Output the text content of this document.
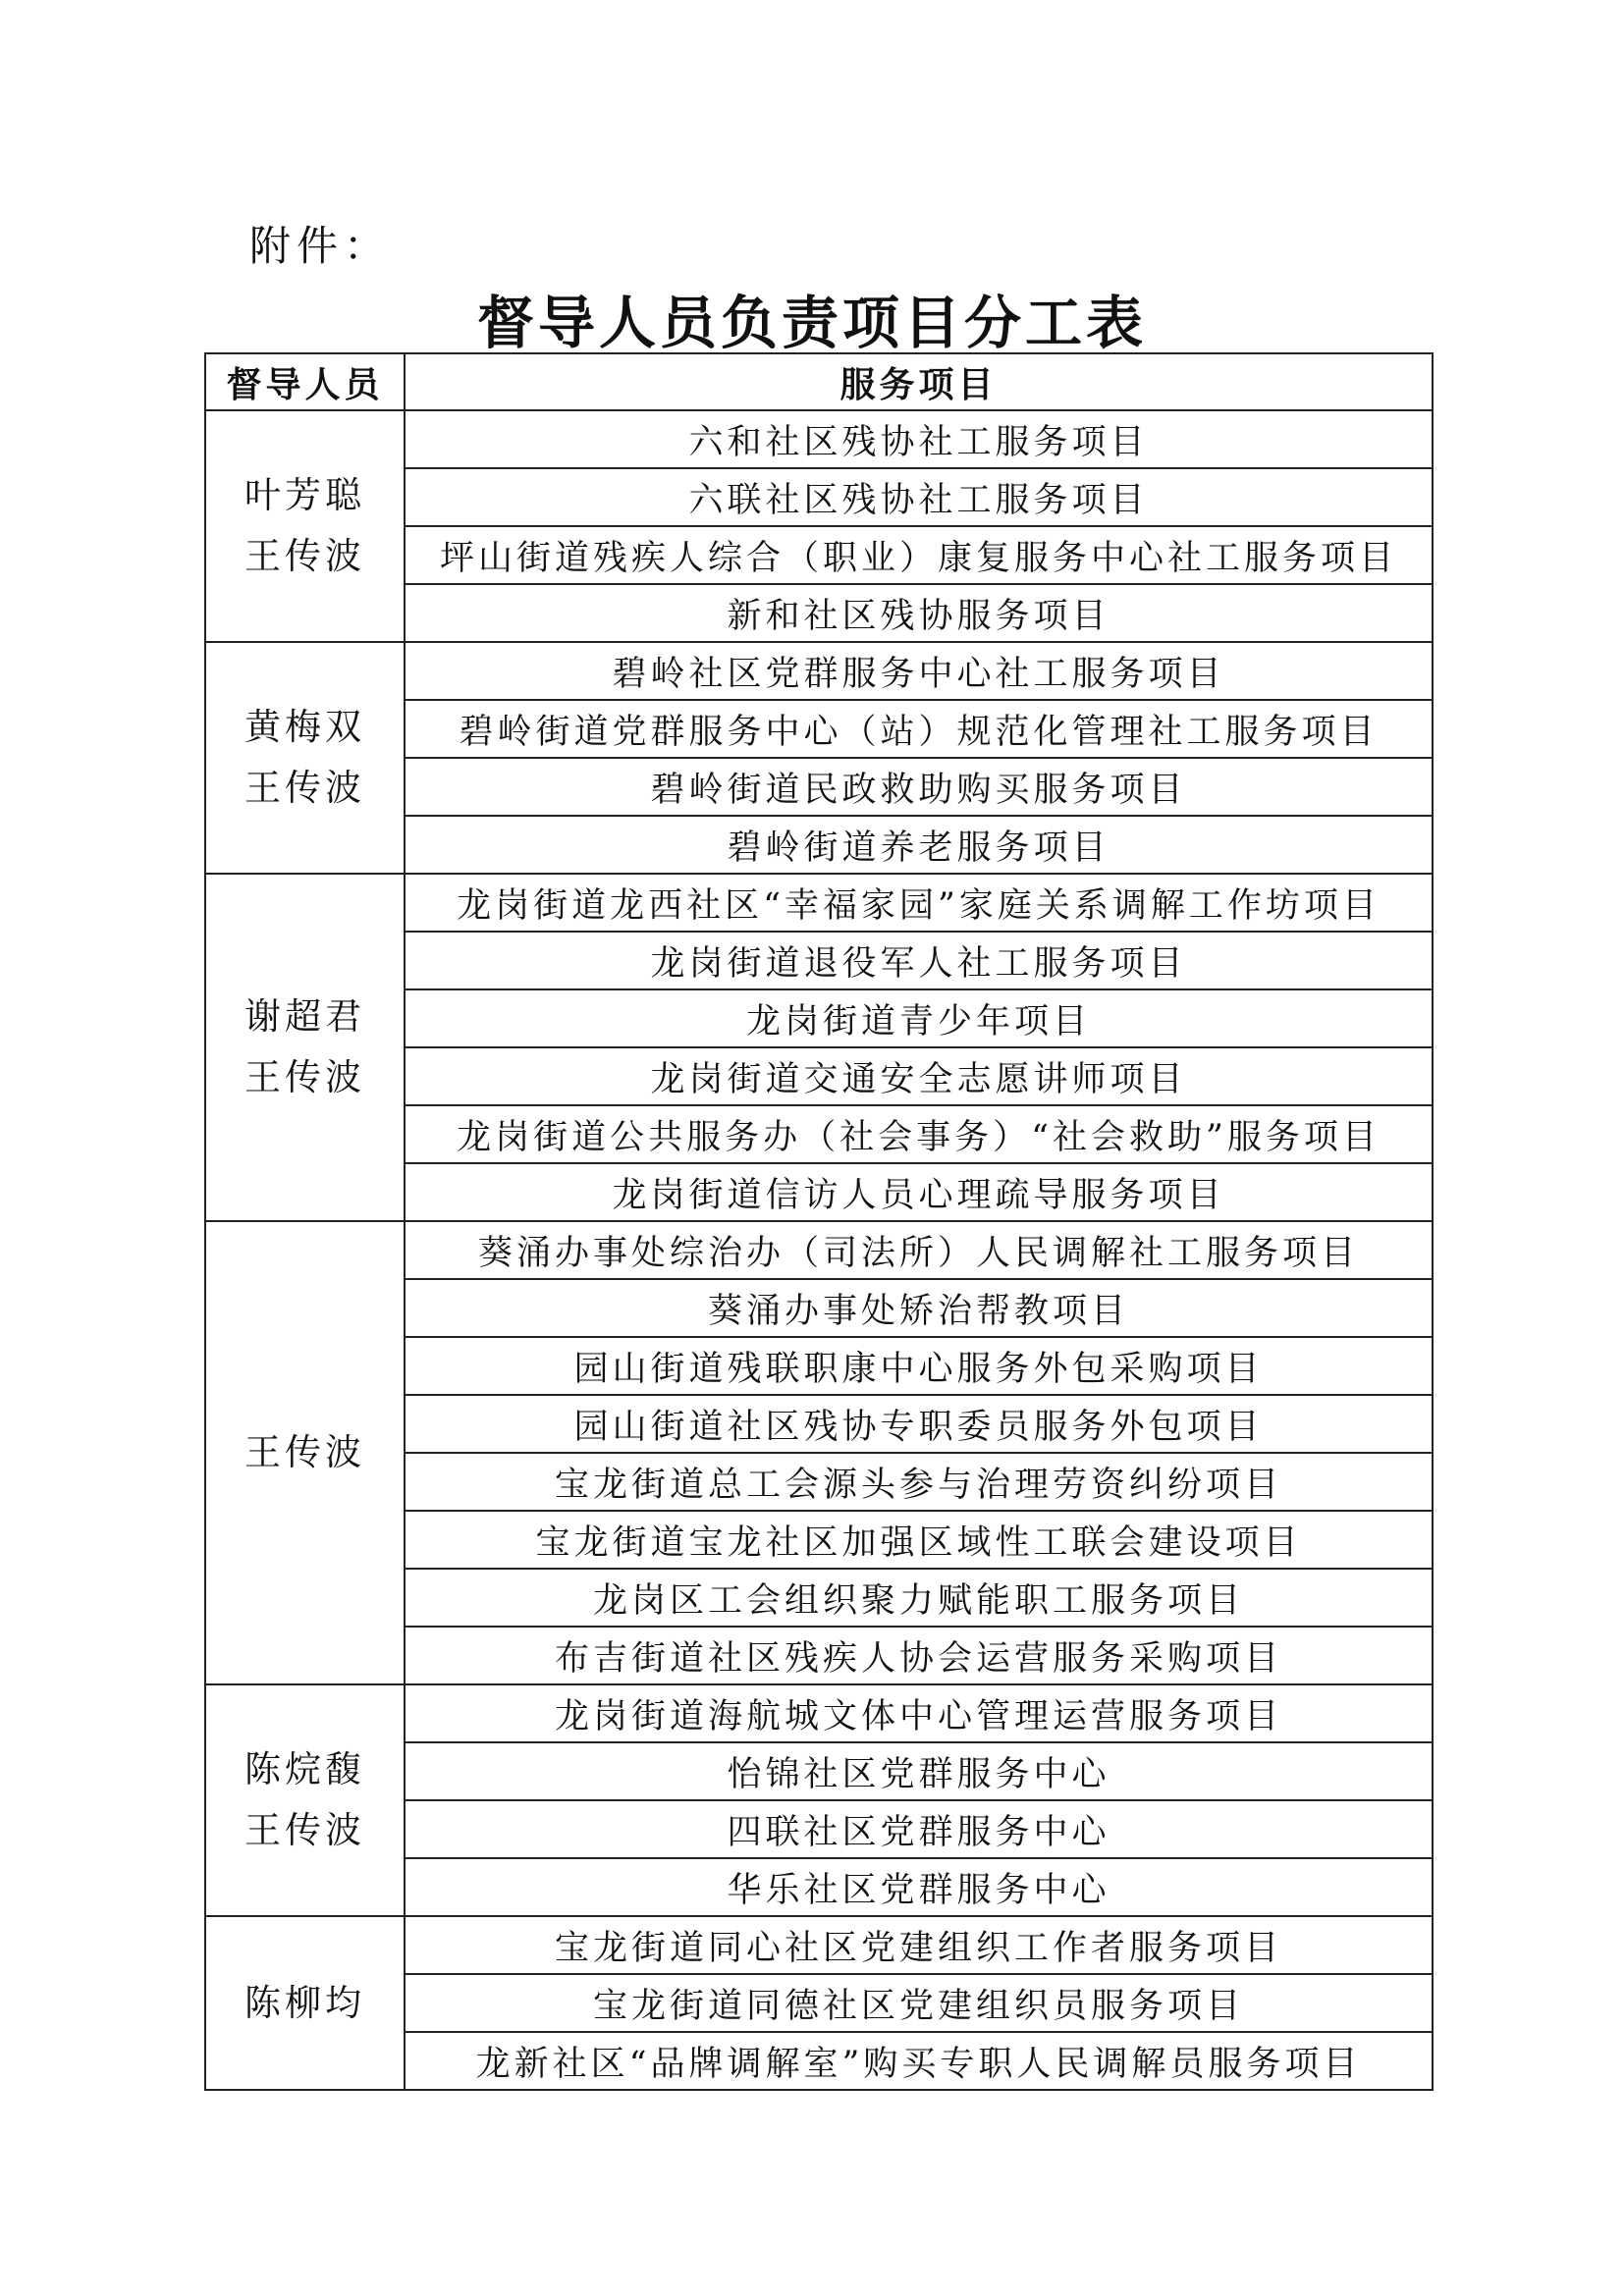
附件：
督导人员负责项目分工表
督导人员	服务项目

叶芳聪
王传波	六和社区残协社工服务项目
	六联社区残协社工服务项目
	坪山街道残疾人综合（职业）康复服务中心社工服务项目
	新和社区残协服务项目

黄梅双
王传波	碧岭社区党群服务中心社工服务项目
	碧岭街道党群服务中心（站）规范化管理社工服务项目
	碧岭街道民政救助购买服务项目
	碧岭街道养老服务项目

谢超君
王传波	龙岗街道龙西社区“幸福家园”家庭关系调解工作坊项目
	龙岗街道退役军人社工服务项目
	龙岗街道青少年项目
	龙岗街道交通安全志愿讲师项目
	龙岗街道公共服务办（社会事务）“社会救助”服务项目
	龙岗街道信访人员心理疏导服务项目

王传波	葵涌办事处综治办（司法所）人民调解社工服务项目
	葵涌办事处矫治帮教项目
	园山街道残联职康中心服务外包采购项目
	园山街道社区残协专职委员服务外包项目
	宝龙街道总工会源头参与治理劳资纠纷项目
	宝龙街道宝龙社区加强区域性工联会建设项目
	龙岗区工会组织聚力赋能职工服务项目
	布吉街道社区残疾人协会运营服务采购项目

陈烷馥
王传波	龙岗街道海航城文体中心管理运营服务项目
	怡锦社区党群服务中心
	四联社区党群服务中心
	华乐社区党群服务中心

陈柳均	宝龙街道同心社区党建组织工作者服务项目
	宝龙街道同德社区党建组织员服务项目
	龙新社区“品牌调解室”购买专职人民调解员服务项目
